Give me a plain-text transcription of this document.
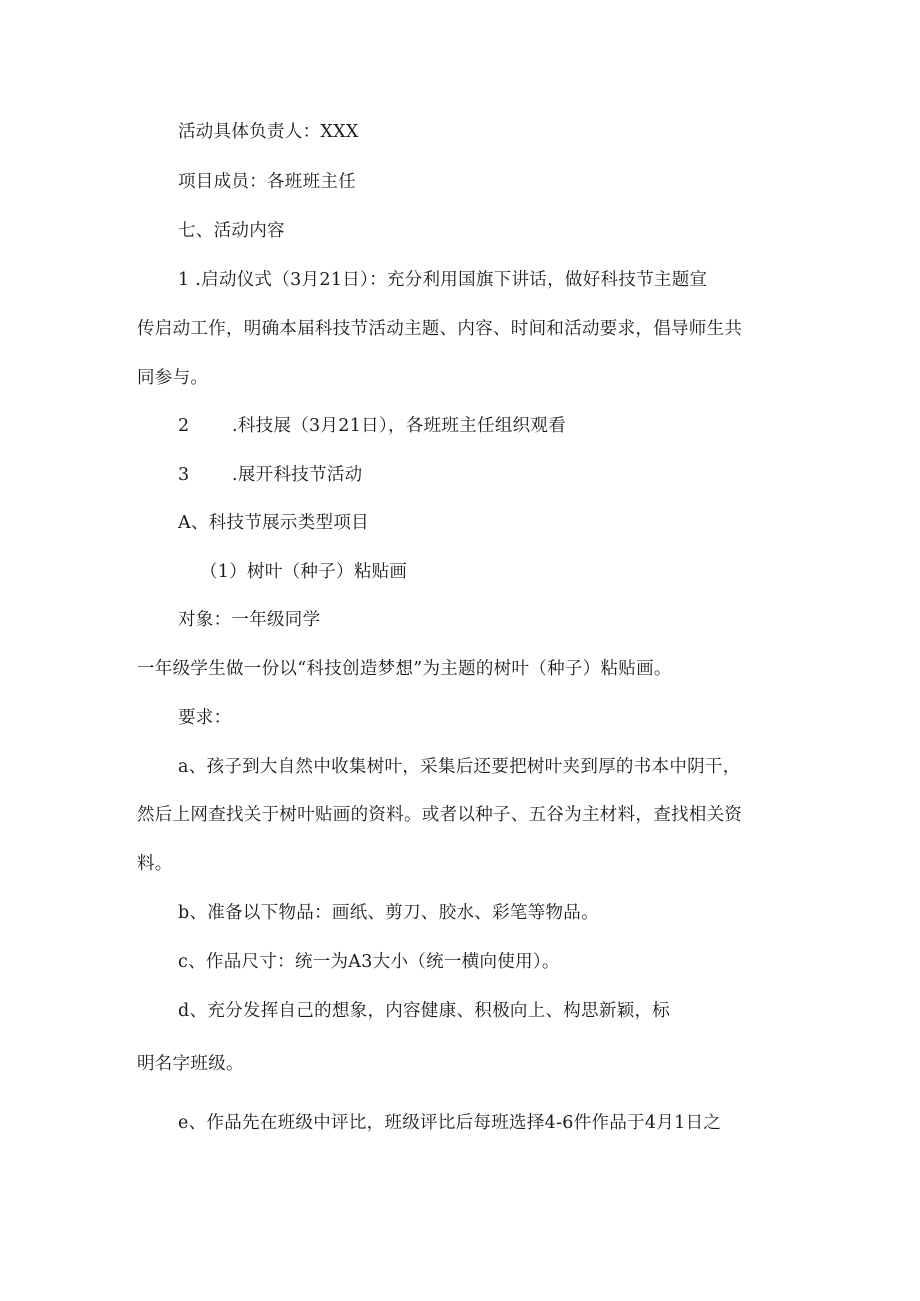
活动具体负责人：XXX
项目成员：各班班主任
七、活动内容
1 .启动仪式（3月21日）：充分利用国旗下讲话，做好科技节主题宣
传启动工作，明确本届科技节活动主题、内容、时间和活动要求，倡导师生共
同参与。
2 .科技展（3月21日），各班班主任组织观看
3 .展开科技节活动
A、科技节展示类型项目
（1）树叶（种子）粘贴画
对象：一年级同学
一年级学生做一份以“科技创造梦想”为主题的树叶（种子）粘贴画。
要求：
a、孩子到大自然中收集树叶，采集后还要把树叶夹到厚的书本中阴干，
然后上网查找关于树叶贴画的资料。或者以种子、五谷为主材料，查找相关资
料。
b、准备以下物品：画纸、剪刀、胶水、彩笔等物品。
c、作品尺寸：统一为A3大小（统一横向使用）。
d、充分发挥自己的想象，内容健康、积极向上、构思新颖，标
明名字班级。
e、作品先在班级中评比，班级评比后每班选择4-6件作品于4月1日之
